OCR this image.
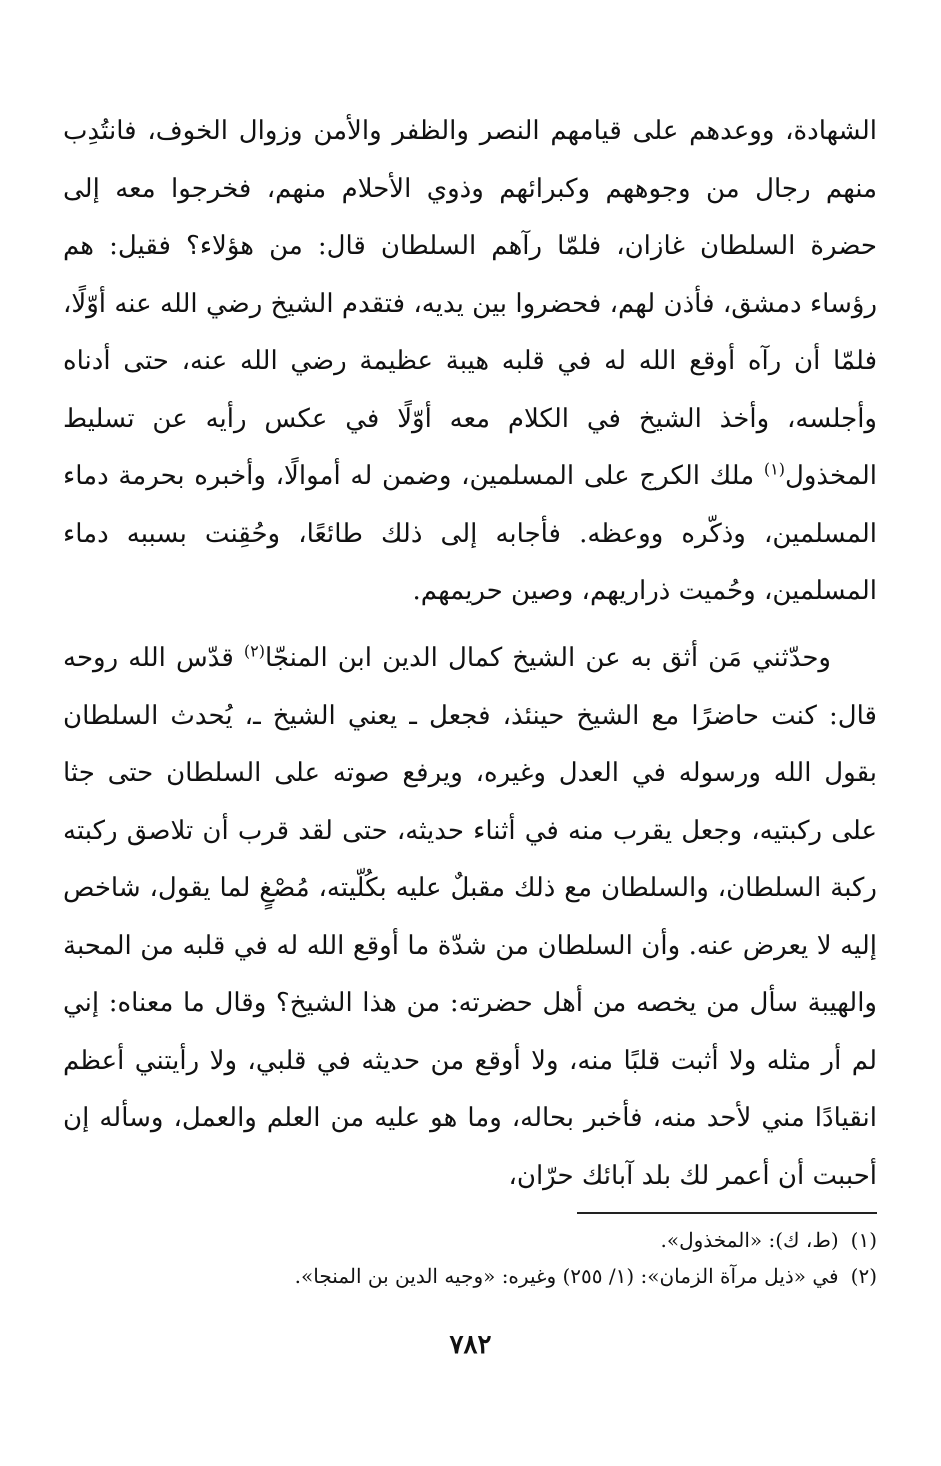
الشهادة، ووعدهم على قيامهم النصر والظفر والأمن وزوال الخوف، فانتُدِب منهم رجال من وجوههم وكبرائهم وذوي الأحلام منهم، فخرجوا معه إلى حضرة السلطان غازان، فلمّا رآهم السلطان قال: من هؤلاء؟ فقيل: هم رؤساء دمشق، فأذن لهم، فحضروا بين يديه، فتقدم الشيخ رضي الله عنه أوّلًا، فلمّا أن رآه أوقع الله له في قلبه هيبة عظيمة رضي الله عنه، حتى أدناه وأجلسه، وأخذ الشيخ في الكلام معه أوّلًا في عكس رأيه عن تسليط المخذول$^{(١)}$ ملك الكرج على المسلمين، وضمن له أموالًا، وأخبره بحرمة دماء المسلمين، وذكّره ووعظه. فأجابه إلى ذلك طائعًا، وحُقِنت بسببه دماء المسلمين، وحُميت ذراريهم، وصين حريمهم.

وحدّثني مَن أثق به عن الشيخ كمال الدين ابن المنجّا$^{(٢)}$ قدّس الله روحه قال: كنت حاضرًا مع الشيخ حينئذ، فجعل ـ يعني الشيخ ـ، يُحدث السلطان بقول الله ورسوله في العدل وغيره، ويرفع صوته على السلطان حتى جثا على ركبتيه، وجعل يقرب منه في أثناء حديثه، حتى لقد قرب أن تلاصق ركبته ركبة السلطان، والسلطان مع ذلك مقبلٌ عليه بكُلّيته، مُصْغٍ لما يقول، شاخص إليه لا يعرض عنه. وأن السلطان من شدّة ما أوقع الله له في قلبه من المحبة والهيبة سأل من يخصه من أهل حضرته: من هذا الشيخ؟ وقال ما معناه: إني لم أر مثله ولا أثبت قلبًا منه، ولا أوقع من حديثه في قلبي، ولا رأيتني أعظم انقيادًا مني لأحد منه، فأخبر بحاله، وما هو عليه من العلم والعمل، وسأله إن أحببت أن أعمر لك بلد آبائك حرّان،

(١)
(ط، ك): «المخذول».
(٢)
في «ذيل مرآة الزمان»: (١/ ٢٥٥) وغيره: «وجيه الدين بن المنجا».
٧٨٢
